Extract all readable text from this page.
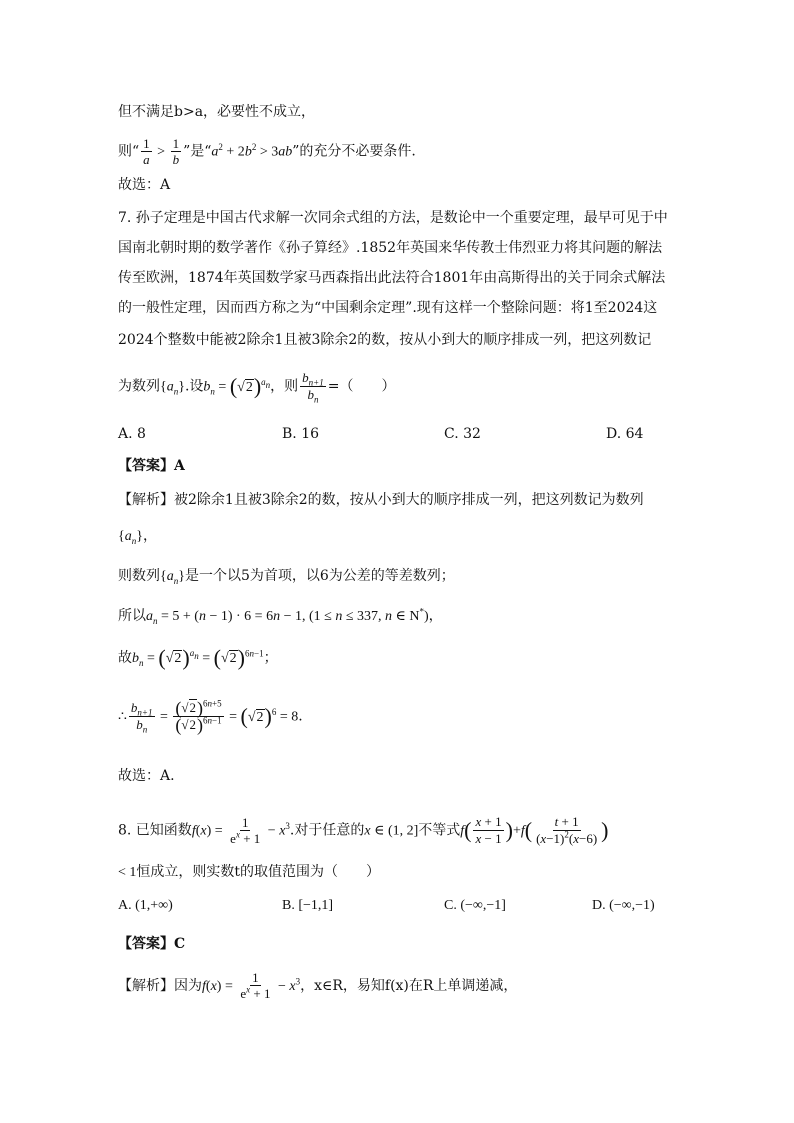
但不满足b>a，必要性不成立，
则“ $\frac{1}{a} > \frac{1}{b}$ ”是“$a^2 + 2b^2 > 3ab$”的充分不必要条件.
故选：A
7. 孙子定理是中国古代求解一次同余式组的方法，是数论中一个重要定理，最早可见于中
国南北朝时期的数学著作《孙子算经》.1852年英国来华传教士伟烈亚力将其问题的解法
传至欧洲，1874年英国数学家马西森指出此法符合1801年由高斯得出的关于同余式解法
的一般性定理，因而西方称之为“中国剩余定理”.现有这样一个整除问题：将1至2024这
2024个整数中能被2除余1且被3除余2的数，按从小到大的顺序排成一列，把这列数记
为数列$\{a_n\}$.设$b_n = (√2)^{a_n}$，则 $\frac{b_{n+1}}{b_n}$ =（　　）
A. 8	B. 16	C. 32	D. 64
【答案】A
【解析】被2除余1且被3除余2的数，按从小到大的顺序排成一列，把这列数记为数列
$\{a_n\}$，
则数列$\{a_n\}$是一个以5为首项，以6为公差的等差数列；
所以$a_n = 5 + (n - 1) \cdot 6 = 6n - 1$, (1 ≤ n ≤ 337, n ∈ N*)，
故$b_n = (√2)^{a_n} = (√2)^{6n-1}$；
∴ $\frac{b_{n+1}}{b_n} = \frac{(√2)^{6n+5}}{(√2)^{6n-1}} = (√2)^6 = 8$.
故选：A.
8. 已知函数$f(x) = \frac{1}{e^x + 1} - x^3$.对于任意的x ∈ (1, 2]不等式$f( \frac{x + 1}{x - 1} )+f( \frac{t + 1}{(x-1)^2(x-6)}$ )
< 1恒成立，则实数t的取值范围为（　　）
A. (1,+∞)	B. [−1,1]	C. (−∞,−1]	D. (−∞,−1)
【答案】C
【解析】因为$f(x) = \frac{1}{e^x + 1} - x^3$，x∈R，易知f(x)在R上单调递减，
